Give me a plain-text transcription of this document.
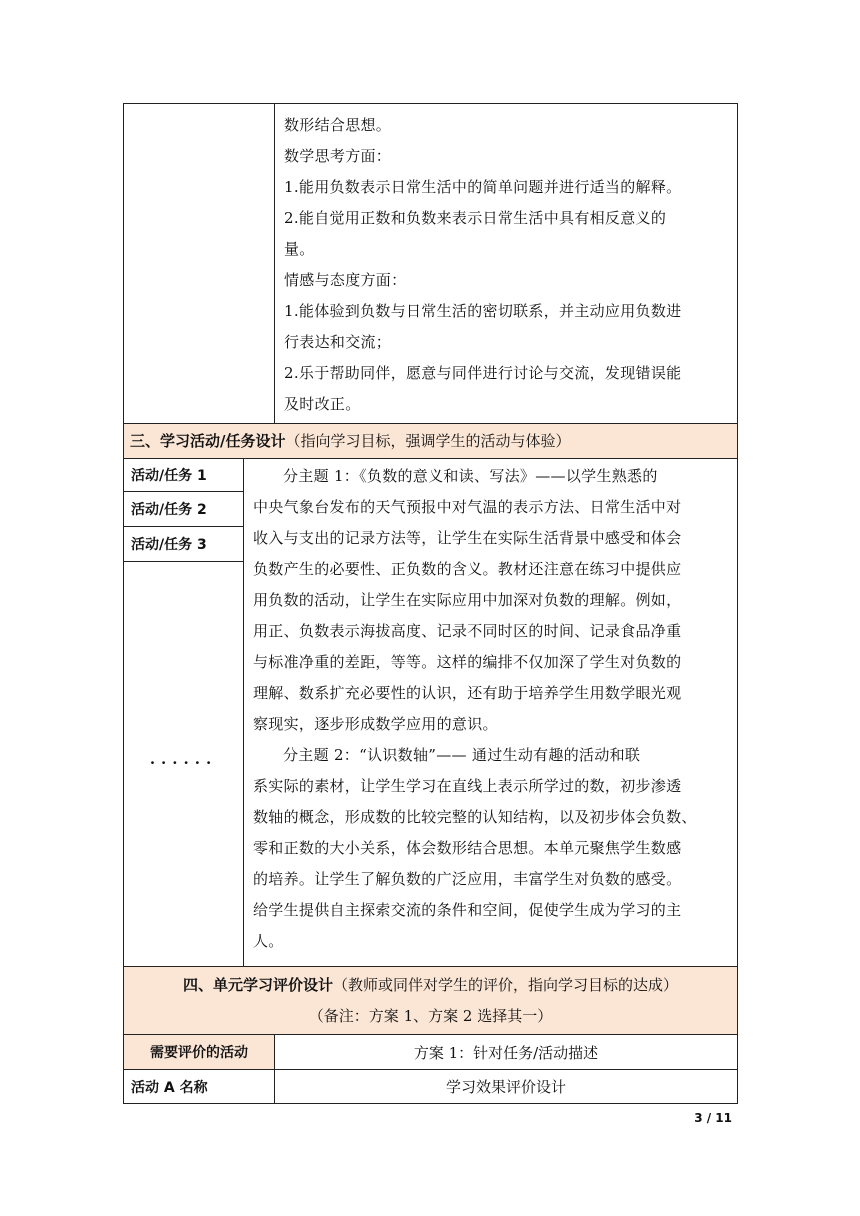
数形结合思想。

数学思考方面：

1.能用负数表示日常生活中的简单问题并进行适当的解释。

2.能自觉用正数和负数来表示日常生活中具有相反意义的

量。

情感与态度方面：

1.能体验到负数与日常生活的密切联系，并主动应用负数进

行表达和交流；

2.乐于帮助同伴，愿意与同伴进行讨论与交流，发现错误能

及时改正。

三、学习活动/任务设计 （指向学习目标，强调学生的活动与体验）
活动/任务 1
活动/任务 2
活动/任务 3
······

分主题 1：《负数的意义和读、写法》——以学生熟悉的

中央气象台发布的天气预报中对气温的表示方法、日常生活中对

收入与支出的记录方法等，让学生在实际生活背景中感受和体会

负数产生的必要性、正负数的含义。教材还注意在练习中提供应

用负数的活动，让学生在实际应用中加深对负数的理解。例如，

用正、负数表示海拔高度、记录不同时区的时间、记录食品净重

与标准净重的差距，等等。这样的编排不仅加深了学生对负数的

理解、数系扩充必要性的认识，还有助于培养学生用数学眼光观

察现实，逐步形成数学应用的意识。

分主题 2：“认识数轴”—— 通过生动有趣的活动和联

系实际的素材，让学生学习在直线上表示所学过的数，初步渗透

数轴的概念，形成数的比较完整的认知结构，以及初步体会负数、

零和正数的大小关系，体会数形结合思想。本单元聚焦学生数感

的培养。让学生了解负数的广泛应用，丰富学生对负数的感受。

给学生提供自主探索交流的条件和空间，促使学生成为学习的主

人。

四、单元学习评价设计（教师或同伴对学生的评价，指向学习目标的达成）
（备注：方案 1、方案 2 选择其一）
需要评价的活动	方案 1：针对任务/活动描述
活动 A 名称	学习效果评价设计
3 / 11
